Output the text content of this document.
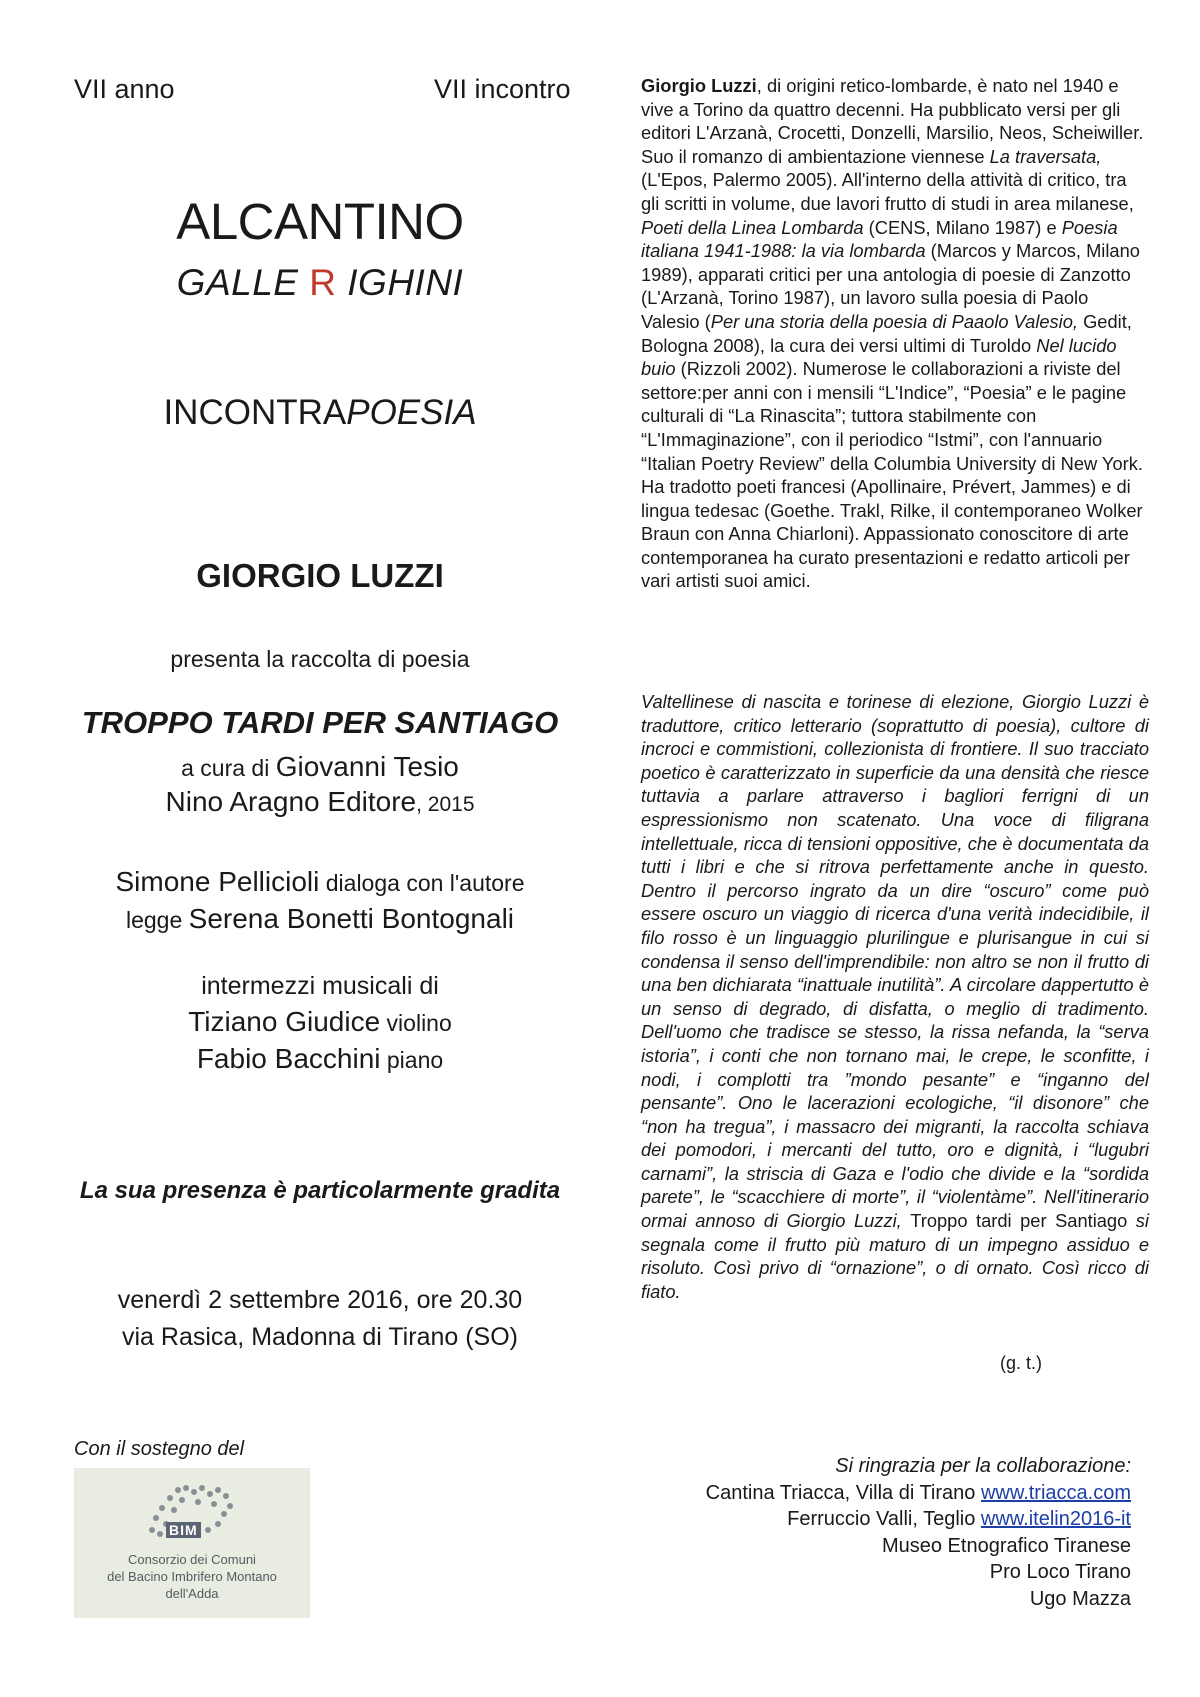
VII anno	VII incontro
ALCANTINO
GALLE R IGHINI
INCONTRAPOESIA
GIORGIO LUZZI
presenta la raccolta di poesia
TROPPO TARDI PER SANTIAGO
a cura di Giovanni Tesio
Nino Aragno Editore, 2015
Simone Pellicioli dialoga con l'autore
legge Serena Bonetti Bontognali
intermezzi musicali di
Tiziano Giudice violino
Fabio Bacchini piano
La sua presenza è particolarmente gradita
venerdì 2 settembre 2016, ore 20.30
via Rasica, Madonna di Tirano (SO)
Con il sostegno del
BIM
Consorzio dei Comuni
del Bacino Imbrifero Montano
dell'Adda
Giorgio Luzzi, di origini retico-lombarde, è nato nel 1940 e vive a Torino da quattro decenni. Ha pubblicato versi per gli editori L'Arzanà, Crocetti, Donzelli, Marsilio, Neos, Scheiwiller. Suo il romanzo di ambientazione viennese La traversata, (L'Epos, Palermo 2005). All'interno della attività di critico, tra gli scritti in volume, due lavori frutto di studi in area milanese, Poeti della Linea Lombarda (CENS, Milano 1987) e Poesia italiana 1941-1988: la via lombarda (Marcos y Marcos, Milano 1989), apparati critici per una antologia di poesie di Zanzotto (L'Arzanà, Torino 1987), un lavoro sulla poesia di Paolo Valesio (Per una storia della poesia di Paaolo Valesio, Gedit, Bologna 2008), la cura dei versi ultimi di Turoldo Nel lucido buio (Rizzoli 2002). Numerose le collaborazioni a riviste del settore:per anni con i mensili “L'Indice”, “Poesia” e le pagine culturali di “La Rinascita”; tuttora stabilmente con “L'Immaginazione”, con il periodico “Istmi”, con l'annuario “Italian Poetry Review” della Columbia University di New York. Ha tradotto poeti francesi (Apollinaire, Prévert, Jammes) e di lingua tedesac (Goethe. Trakl, Rilke, il contemporaneo Wolker Braun con Anna Chiarloni). Appassionato conoscitore di arte contemporanea ha curato presentazioni e redatto articoli per vari artisti suoi amici.
Valtellinese di nascita e torinese di elezione, Giorgio Luzzi è traduttore, critico letterario (soprattutto di poesia), cultore di incroci e commistioni, collezionista di frontiere. Il suo tracciato poetico è caratterizzato in superficie da una densità che riesce tuttavia a parlare attraverso i bagliori ferrigni di un espressionismo non scatenato. Una voce di filigrana intellettuale, ricca di tensioni oppositive, che è documentata da tutti i libri e che si ritrova perfettamente anche in questo. Dentro il percorso ingrato da un dire “oscuro” come può essere oscuro un viaggio di ricerca d'una verità indecidibile, il filo rosso è un linguaggio plurilingue e plurisangue in cui si condensa il senso dell'imprendibile: non altro se non il frutto di una ben dichiarata “inattuale inutilità”. A circolare dappertutto è un senso di degrado, di disfatta, o meglio di tradimento. Dell'uomo che tradisce se stesso, la rissa nefanda, la “serva istoria”, i conti che non tornano mai, le crepe, le sconfitte, i nodi, i complotti tra ”mondo pesante” e “inganno del pensante”. Ono le lacerazioni ecologiche, “il disonore” che “non ha tregua”, i massacro dei migranti, la raccolta schiava dei pomodori, i mercanti del tutto, oro e dignità, i “lugubri carnami”, la striscia di Gaza e l'odio che divide e la “sordida parete”, le “scacchiere di morte”, il “violentàme”. Nell'itinerario ormai annoso di Giorgio Luzzi, Troppo tardi per Santiago si segnala come il frutto più maturo di un impegno assiduo e risoluto. Così privo di “ornazione”, o di ornato. Così ricco di fiato.
(g. t.)
Si ringrazia per la collaborazione:
Cantina Triacca, Villa di Tirano www.triacca.com
Ferruccio Valli, Teglio www.itelin2016-it
Museo Etnografico Tiranese
Pro Loco Tirano
Ugo Mazza
